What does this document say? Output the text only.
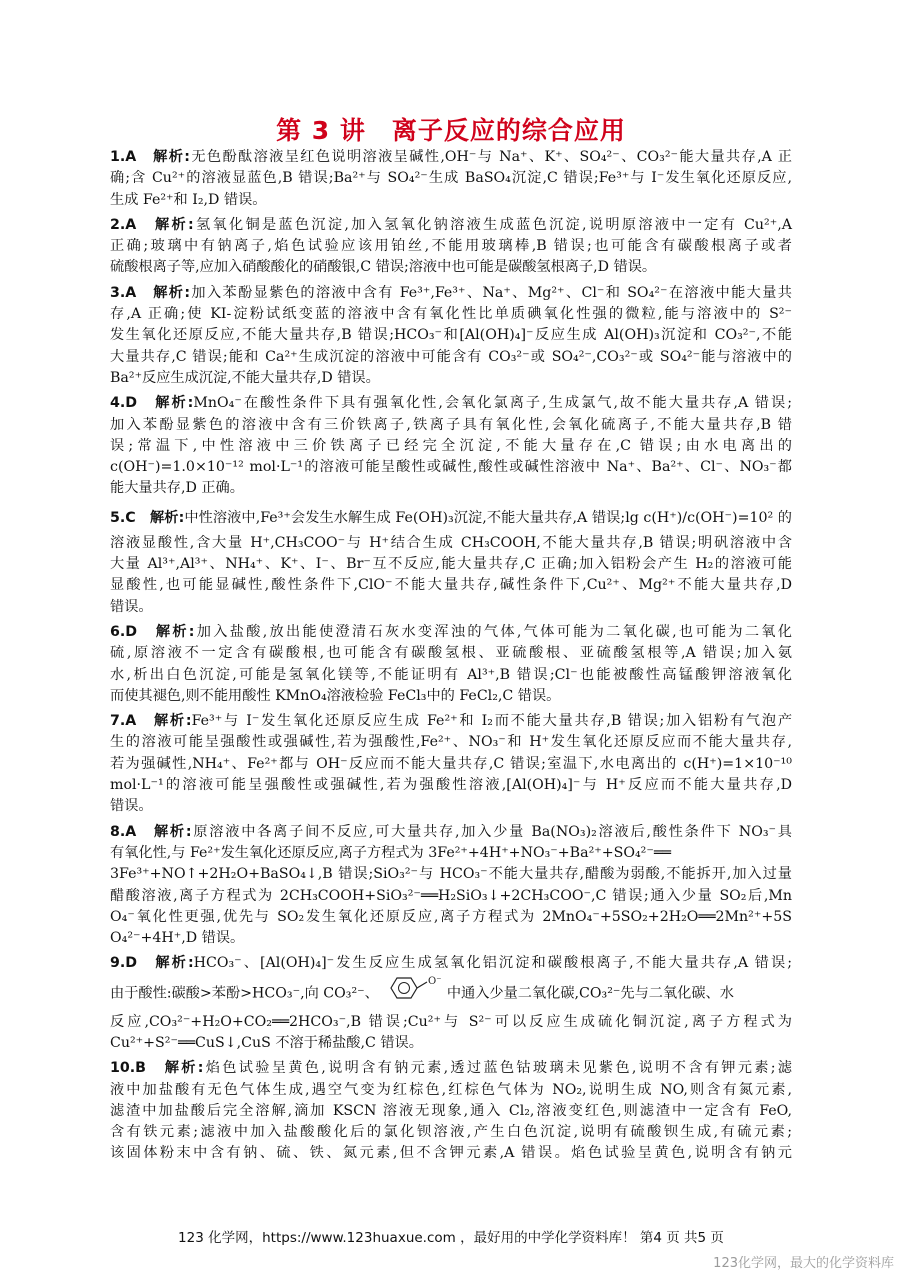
第 3 讲　离子反应的综合应用
1.A　解析:无色酚酞溶液呈红色说明溶液呈碱性,OH⁻与 Na⁺、K⁺、SO₄²⁻、CO₃²⁻能大量共存,A 正
确;含 Cu²⁺的溶液显蓝色,B 错误;Ba²⁺与 SO₄²⁻生成 BaSO₄沉淀,C 错误;Fe³⁺与 I⁻发生氧化还原反应,
生成 Fe²⁺和 I₂,D 错误。
2.A　解析:氢氧化铜是蓝色沉淀,加入氢氧化钠溶液生成蓝色沉淀,说明原溶液中一定有 Cu²⁺,A
正确;玻璃中有钠离子,焰色试验应该用铂丝,不能用玻璃棒,B 错误;也可能含有碳酸根离子或者
硫酸根离子等,应加入硝酸酸化的硝酸银,C 错误;溶液中也可能是碳酸氢根离子,D 错误。
3.A　解析:加入苯酚显紫色的溶液中含有 Fe³⁺,Fe³⁺、Na⁺、Mg²⁺、Cl⁻和 SO₄²⁻在溶液中能大量共
存,A 正确;使 KI-淀粉试纸变蓝的溶液中含有氧化性比单质碘氧化性强的微粒,能与溶液中的 S²⁻
发生氧化还原反应,不能大量共存,B 错误;HCO₃⁻和[Al(OH)₄]⁻反应生成 Al(OH)₃沉淀和 CO₃²⁻,不能
大量共存,C 错误;能和 Ca²⁺生成沉淀的溶液中可能含有 CO₃²⁻或 SO₄²⁻,CO₃²⁻或 SO₄²⁻能与溶液中的
Ba²⁺反应生成沉淀,不能大量共存,D 错误。
4.D　解析:MnO₄⁻在酸性条件下具有强氧化性,会氧化氯离子,生成氯气,故不能大量共存,A 错误;
加入苯酚显紫色的溶液中含有三价铁离子,铁离子具有氧化性,会氧化硫离子,不能大量共存,B 错
误;常温下,中性溶液中三价铁离子已经完全沉淀,不能大量存在,C 错误;由水电离出的
c(OH⁻)=1.0×10⁻¹² mol·L⁻¹的溶液可能呈酸性或碱性,酸性或碱性溶液中 Na⁺、Ba²⁺、Cl⁻、NO₃⁻都
能大量共存,D 正确。
5.C　解析:中性溶液中,Fe³⁺会发生水解生成 Fe(OH)₃沉淀,不能大量共存,A 错误;lg c(H⁺)/c(OH⁻)=10² 的
溶液显酸性,含大量 H⁺,CH₃COO⁻与 H⁺结合生成 CH₃COOH,不能大量共存,B 错误;明矾溶液中含
大量 Al³⁺,Al³⁺、NH₄⁺、K⁺、I⁻、Br⁻互不反应,能大量共存,C 正确;加入铝粉会产生 H₂的溶液可能
显酸性,也可能显碱性,酸性条件下,ClO⁻不能大量共存,碱性条件下,Cu²⁺、Mg²⁺不能大量共存,D
错误。
6.D　解析:加入盐酸,放出能使澄清石灰水变浑浊的气体,气体可能为二氧化碳,也可能为二氧化
硫,原溶液不一定含有碳酸根,也可能含有碳酸氢根、亚硫酸根、亚硫酸氢根等,A 错误;加入氨
水,析出白色沉淀,可能是氢氧化镁等,不能证明有 Al³⁺,B 错误;Cl⁻也能被酸性高锰酸钾溶液氧化
而使其褪色,则不能用酸性 KMnO₄溶液检验 FeCl₃中的 FeCl₂,C 错误。
7.A　解析:Fe³⁺与 I⁻发生氧化还原反应生成 Fe²⁺和 I₂而不能大量共存,B 错误;加入铝粉有气泡产
生的溶液可能呈强酸性或强碱性,若为强酸性,Fe²⁺、NO₃⁻和 H⁺发生氧化还原反应而不能大量共存,
若为强碱性,NH₄⁺、Fe²⁺都与 OH⁻反应而不能大量共存,C 错误;室温下,水电离出的 c(H⁺)=1×10⁻¹⁰
mol·L⁻¹的溶液可能呈强酸性或强碱性,若为强酸性溶液,[Al(OH)₄]⁻与 H⁺反应而不能大量共存,D
错误。
8.A　解析:原溶液中各离子间不反应,可大量共存,加入少量 Ba(NO₃)₂溶液后,酸性条件下 NO₃⁻具
有氧化性,与 Fe²⁺发生氧化还原反应,离子方程式为 3Fe²⁺+4H⁺+NO₃⁻+Ba²⁺+SO₄²⁻══
3Fe³⁺+NO↑+2H₂O+BaSO₄↓,B 错误;SiO₃²⁻与 HCO₃⁻不能大量共存,醋酸为弱酸,不能拆开,加入过量
醋酸溶液,离子方程式为 2CH₃COOH+SiO₃²⁻══H₂SiO₃↓+2CH₃COO⁻,C 错误;通入少量 SO₂后,Mn
O₄⁻氧化性更强,优先与 SO₂发生氧化还原反应,离子方程式为 2MnO₄⁻+5SO₂+2H₂O══2Mn²⁺+5S
O₄²⁻+4H⁺,D 错误。
9.D　解析:HCO₃⁻、[Al(OH)₄]⁻发生反应生成氢氧化铝沉淀和碳酸根离子,不能大量共存,A 错误;
由于酸性:碳酸>苯酚>HCO₃⁻,向 CO₃²⁻、
O⁻
中通入少量二氧化碳,CO₃²⁻先与二氧化碳、水
反应,CO₃²⁻+H₂O+CO₂══2HCO₃⁻,B 错误;Cu²⁺与 S²⁻可以反应生成硫化铜沉淀,离子方程式为
Cu²⁺+S²⁻══CuS↓,CuS 不溶于稀盐酸,C 错误。
10.B　解析:焰色试验呈黄色,说明含有钠元素,透过蓝色钴玻璃未见紫色,说明不含有钾元素;滤
液中加盐酸有无色气体生成,遇空气变为红棕色,红棕色气体为 NO₂,说明生成 NO,则含有氮元素,
滤渣中加盐酸后完全溶解,滴加 KSCN 溶液无现象,通入 Cl₂,溶液变红色,则滤渣中一定含有 FeO,
含有铁元素;滤液中加入盐酸酸化后的氯化钡溶液,产生白色沉淀,说明有硫酸钡生成,有硫元素;
该固体粉末中含有钠、硫、铁、氮元素,但不含钾元素,A 错误。焰色试验呈黄色,说明含有钠元
123 化学网，https://www.123huaxue.com ，最好用的中学化学资料库！ 第4 页 共5 页
123化学网，最大的化学资料库
